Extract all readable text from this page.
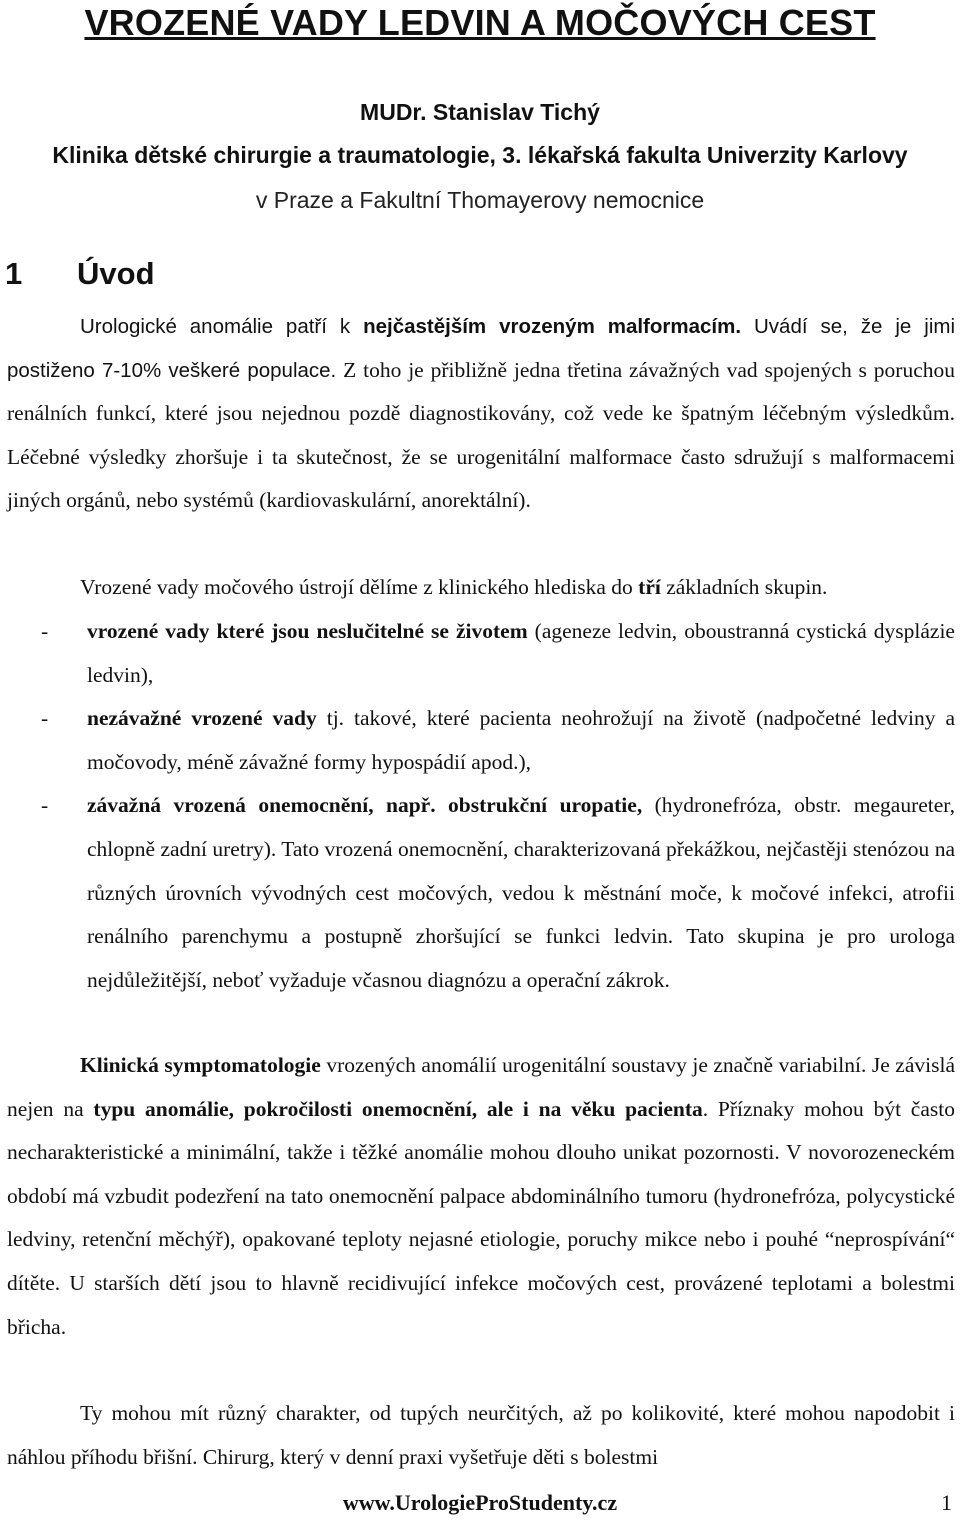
VROZENÉ VADY LEDVIN A MOČOVÝCH CEST
MUDr. Stanislav Tichý
Klinika dětské chirurgie a traumatologie, 3. lékařská fakulta Univerzity Karlovy
v Praze a Fakultní Thomayerovy nemocnice
1 Úvod
Urologické anomálie patří k nejčastějším vrozeným malformacím. Uvádí se, že je jimi postiženo 7-10% veškeré populace. Z toho je přibližně jedna třetina závažných vad spojených s poruchou renálních funkcí, které jsou nejednou pozdě diagnostikovány, což vede ke špatným léčebným výsledkům. Léčebné výsledky zhoršuje i ta skutečnost, že se urogenitální malformace často sdružují s malformacemi jiných orgánů, nebo systémů (kardiovaskulární, anorektální).
Vrozené vady močového ústrojí dělíme z klinického hlediska do tří základních skupin.
- vrozené vady které jsou neslučitelné se životem (ageneze ledvin, oboustranná cystická dysplázie ledvin),
- nezávažné vrozené vady tj. takové, které pacienta neohrožují na životě (nadpočetné ledviny a močovody, méně závažné formy hypospádií apod.),
- závažná vrozená onemocnění, např. obstrukční uropatie, (hydronefróza, obstr. megaureter, chlopně zadní uretry). Tato vrozená onemocnění, charakterizovaná překážkou, nejčastěji stenózou na různých úrovních vývodných cest močových, vedou k městnání moče, k močové infekci, atrofii renálního parenchymu a postupně zhoršující se funkci ledvin. Tato skupina je pro urologa nejdůležitější, neboť vyžaduje včasnou diagnózu a operační zákrok.
Klinická symptomatologie vrozených anomálií urogenitální soustavy je značně variabilní. Je závislá nejen na typu anomálie, pokročilosti onemocnění, ale i na věku pacienta. Příznaky mohou být často necharakteristické a minimální, takže i těžké anomálie mohou dlouho unikat pozornosti. V novorozeneckém období má vzbudit podezření na tato onemocnění palpace abdominálního tumoru (hydronefróza, polycystické ledviny, retenční měchýř), opakované teploty nejasné etiologie, poruchy mikce nebo i pouhé “neprospívání“ dítěte. U starších dětí jsou to hlavně recidivující infekce močových cest, provázené teplotami a bolestmi břicha.
Ty mohou mít různý charakter, od tupých neurčitých, až po kolikovité, které mohou napodobit i náhlou příhodu břišní. Chirurg, který v denní praxi vyšetřuje děti s bolestmi
www.UrologieProStudenty.cz	1
